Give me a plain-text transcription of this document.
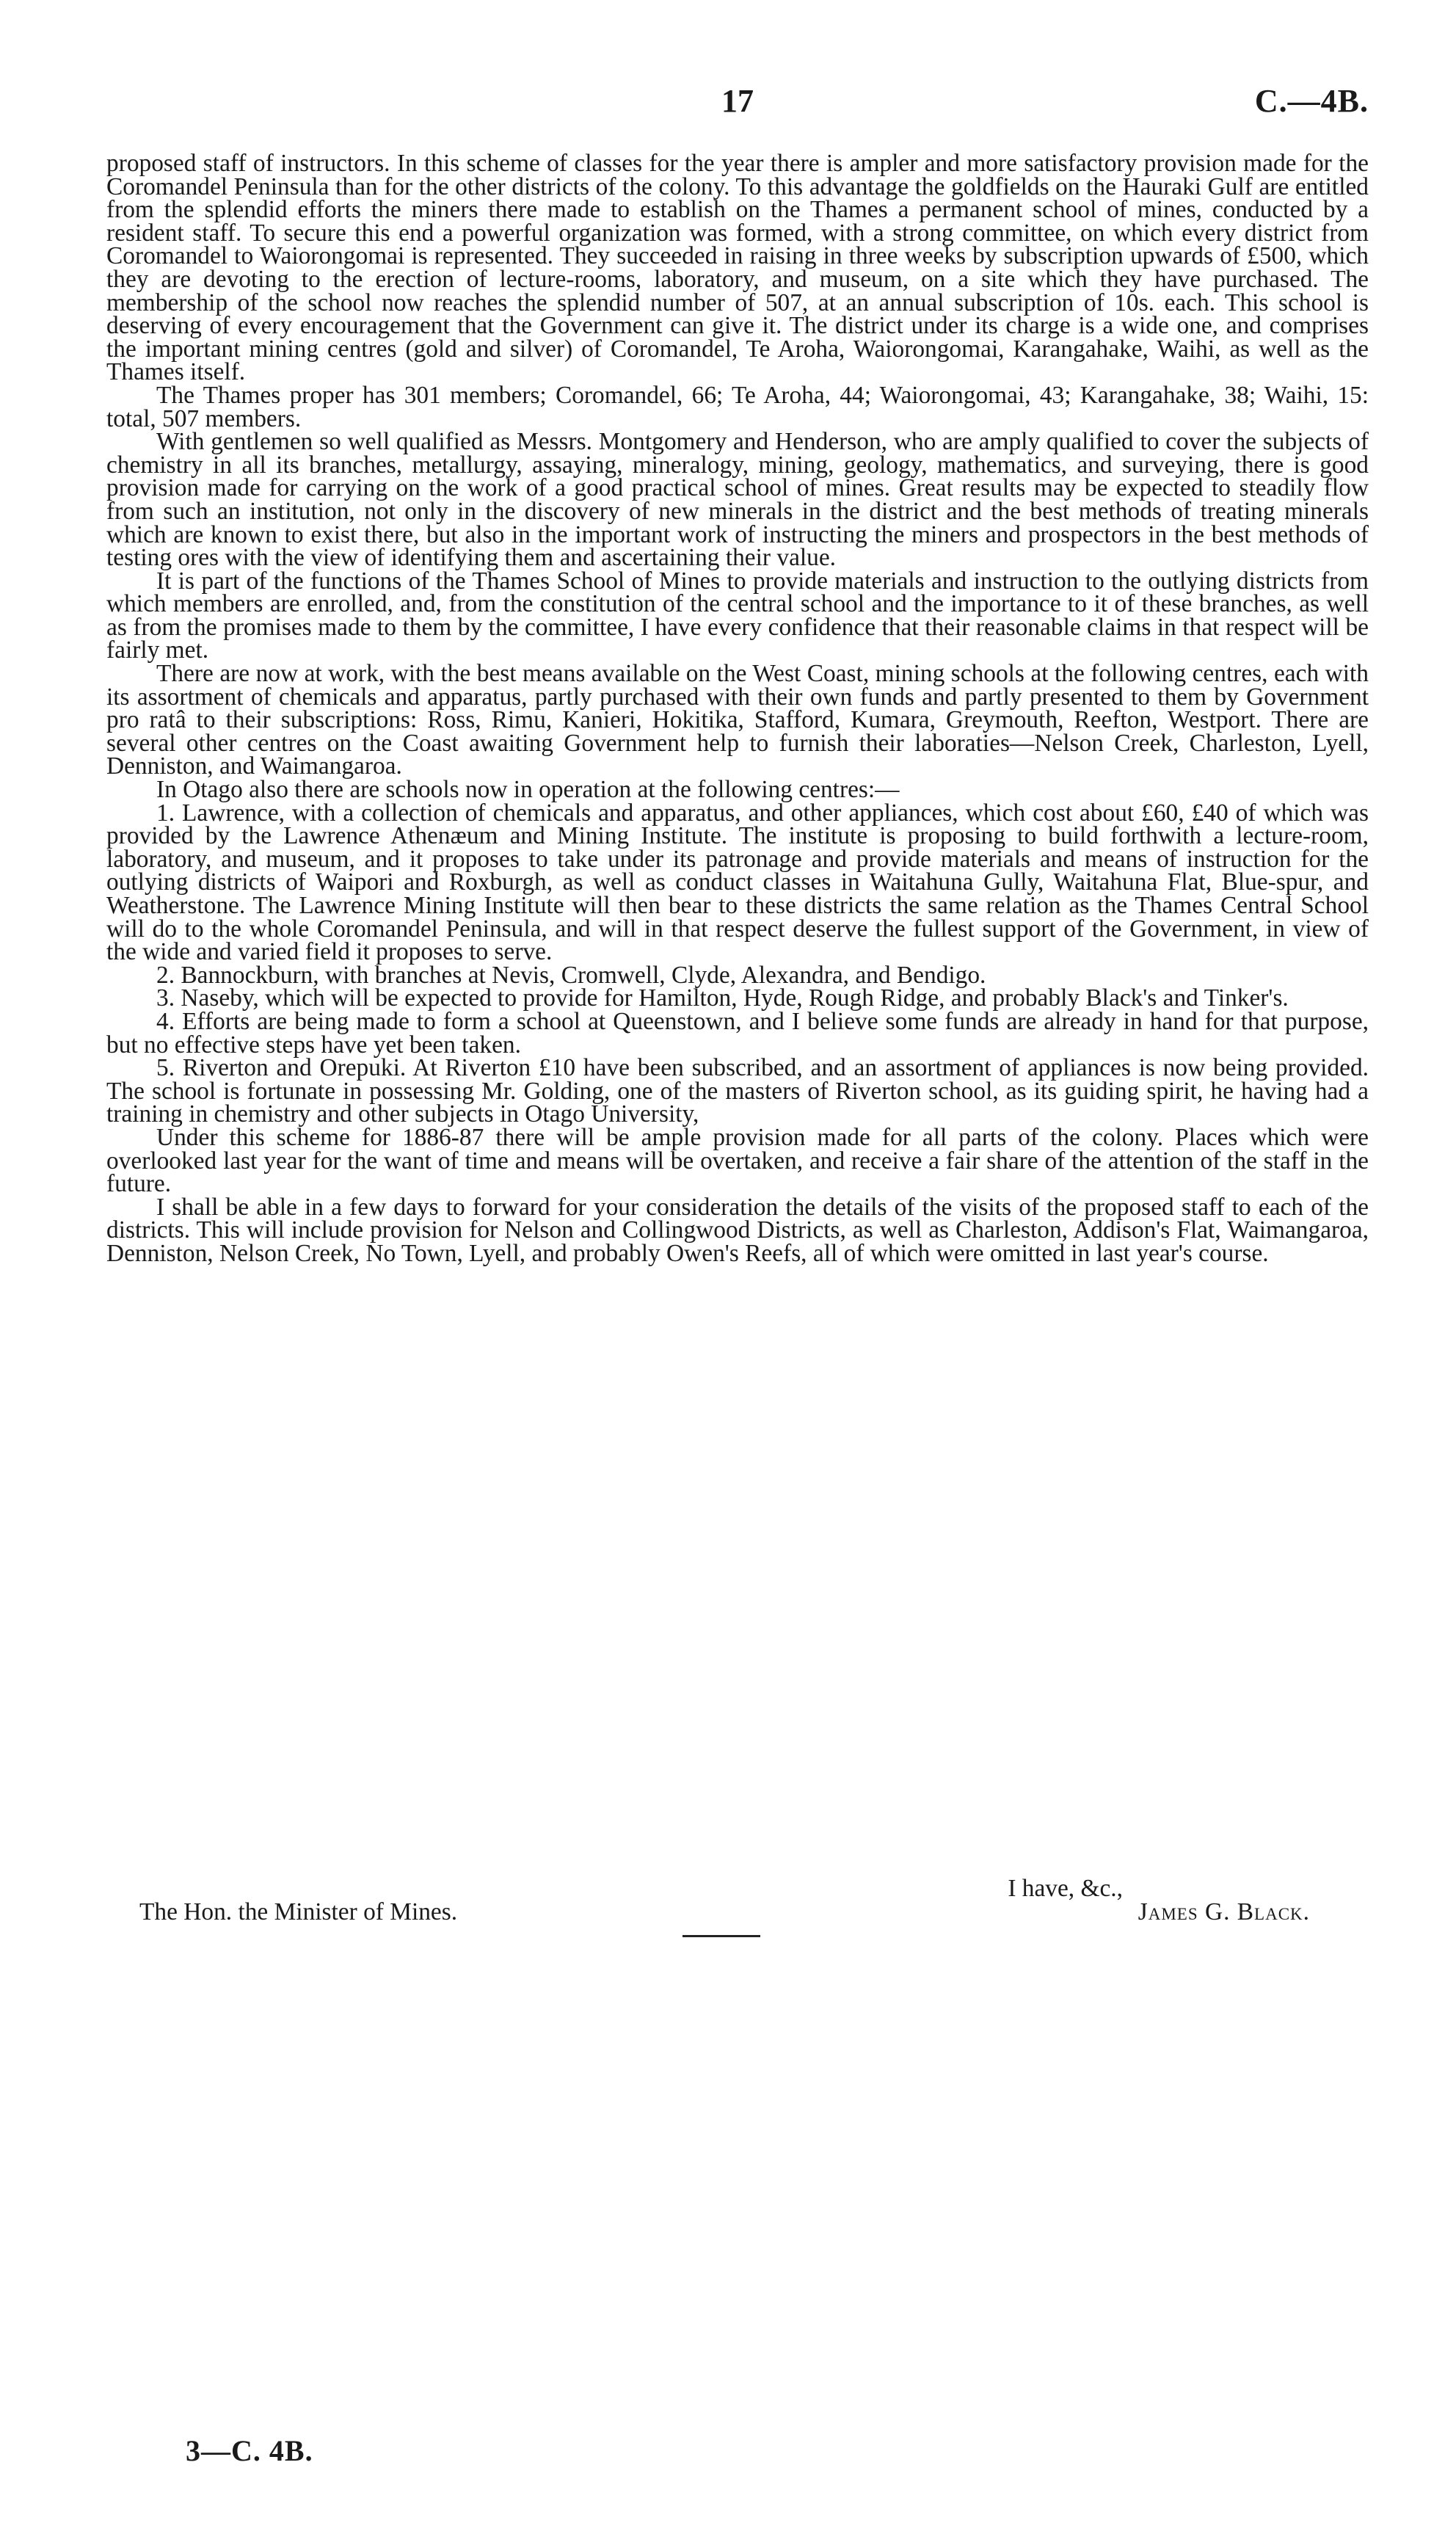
17	C.—4B.

proposed staff of instructors. In this scheme of classes for the year there is ampler and more satisfactory provision made for the Coromandel Peninsula than for the other districts of the colony. To this advantage the goldfields on the Hauraki Gulf are entitled from the splendid efforts the miners there made to establish on the Thames a permanent school of mines, conducted by a resident staff. To secure this end a powerful organization was formed, with a strong committee, on which every district from Coromandel to Waiorongomai is represented. They succeeded in raising in three weeks by subscription upwards of £500, which they are devoting to the erection of lecture-rooms, laboratory, and museum, on a site which they have purchased. The membership of the school now reaches the splendid number of 507, at an annual subscription of 10s. each. This school is deserving of every encouragement that the Government can give it. The district under its charge is a wide one, and comprises the important mining centres (gold and silver) of Coromandel, Te Aroha, Waiorongomai, Karangahake, Waihi, as well as the Thames itself.

The Thames proper has 301 members; Coromandel, 66; Te Aroha, 44; Waiorongomai, 43; Karangahake, 38; Waihi, 15: total, 507 members.

With gentlemen so well qualified as Messrs. Montgomery and Henderson, who are amply qualified to cover the subjects of chemistry in all its branches, metallurgy, assaying, mineralogy, mining, geology, mathematics, and surveying, there is good provision made for carrying on the work of a good practical school of mines. Great results may be expected to steadily flow from such an institution, not only in the discovery of new minerals in the district and the best methods of treating minerals which are known to exist there, but also in the important work of instructing the miners and prospectors in the best methods of testing ores with the view of identifying them and ascertaining their value.

It is part of the functions of the Thames School of Mines to provide materials and instruction to the outlying districts from which members are enrolled, and, from the constitution of the central school and the importance to it of these branches, as well as from the promises made to them by the committee, I have every confidence that their reasonable claims in that respect will be fairly met.

There are now at work, with the best means available on the West Coast, mining schools at the following centres, each with its assortment of chemicals and apparatus, partly purchased with their own funds and partly presented to them by Government pro ratâ to their subscriptions: Ross, Rimu, Kanieri, Hokitika, Stafford, Kumara, Greymouth, Reefton, Westport. There are several other centres on the Coast awaiting Government help to furnish their laboraties—Nelson Creek, Charleston, Lyell, Denniston, and Waimangaroa.

In Otago also there are schools now in operation at the following centres:—

1. Lawrence, with a collection of chemicals and apparatus, and other appliances, which cost about £60, £40 of which was provided by the Lawrence Athenæum and Mining Institute. The institute is proposing to build forthwith a lecture-room, laboratory, and museum, and it proposes to take under its patronage and provide materials and means of instruction for the outlying districts of Waipori and Roxburgh, as well as conduct classes in Waitahuna Gully, Waitahuna Flat, Blue-spur, and Weatherstone. The Lawrence Mining Institute will then bear to these districts the same relation as the Thames Central School will do to the whole Coromandel Peninsula, and will in that respect deserve the fullest support of the Government, in view of the wide and varied field it proposes to serve.

2. Bannockburn, with branches at Nevis, Cromwell, Clyde, Alexandra, and Bendigo.

3. Naseby, which will be expected to provide for Hamilton, Hyde, Rough Ridge, and probably Black's and Tinker's.

4. Efforts are being made to form a school at Queenstown, and I believe some funds are already in hand for that purpose, but no effective steps have yet been taken.

5. Riverton and Orepuki. At Riverton £10 have been subscribed, and an assortment of appliances is now being provided. The school is fortunate in possessing Mr. Golding, one of the masters of Riverton school, as its guiding spirit, he having had a training in chemistry and other subjects in Otago University,

Under this scheme for 1886-87 there will be ample provision made for all parts of the colony. Places which were overlooked last year for the want of time and means will be overtaken, and receive a fair share of the attention of the staff in the future.

I shall be able in a few days to forward for your consideration the details of the visits of the proposed staff to each of the districts. This will include provision for Nelson and Collingwood Districts, as well as Charleston, Addison's Flat, Waimangaroa, Denniston, Nelson Creek, No Town, Lyell, and probably Owen's Reefs, all of which were omitted in last year's course.

I have, &c.,
The Hon. the Minister of Mines.	James G. Black.
3—C. 4B.
